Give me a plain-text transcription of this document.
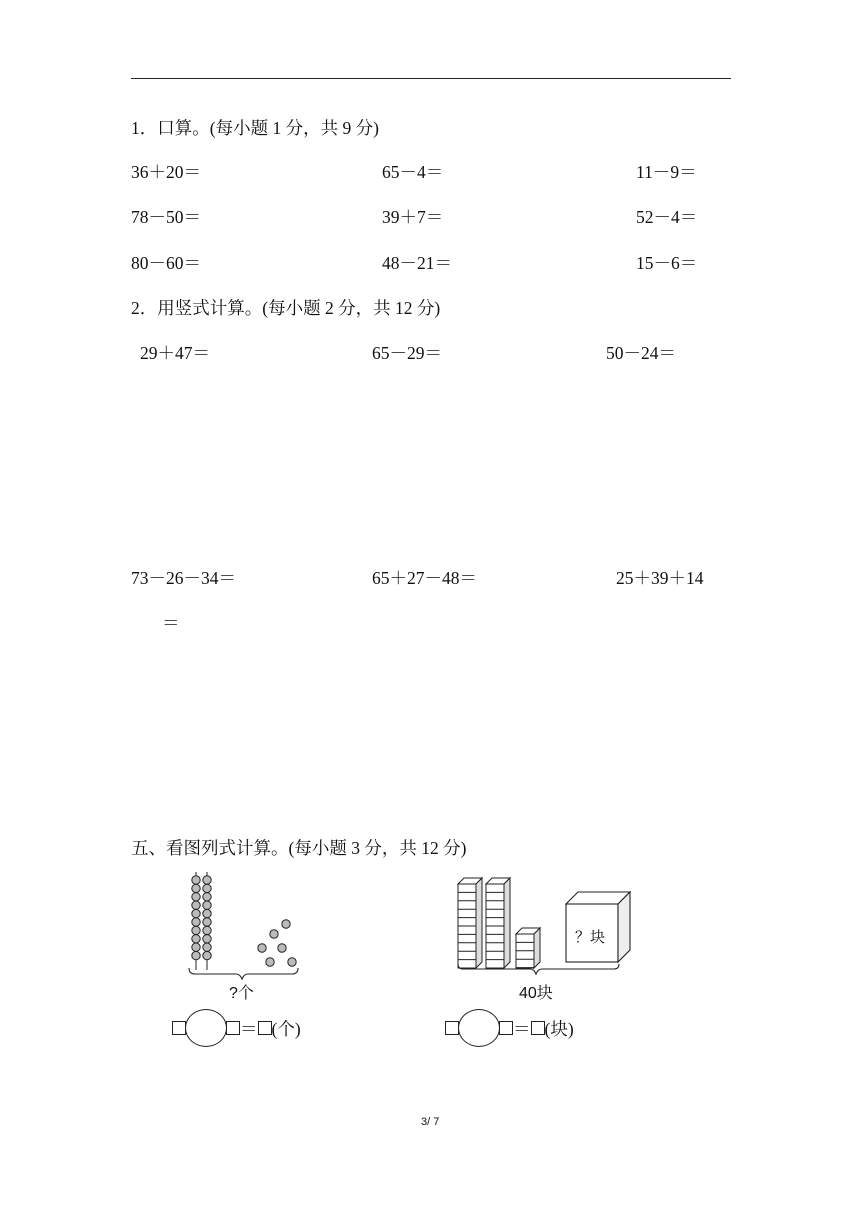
1．口算。(每小题 1 分，共 9 分)
36＋20＝	65－4＝	11－9＝
78－50＝	39＋7＝	52－4＝
80－60＝	48－21＝	15－6＝
2．用竖式计算。(每小题 2 分，共 12 分)
29＋47＝	65－29＝	50－24＝
73－26－34＝	65＋27－48＝	25＋39＋14
＝
五、看图列式计算。(每小题 3 分，共 12 分)
?个
＝ (个)
？块
40块
＝ (块)
3/ 7
